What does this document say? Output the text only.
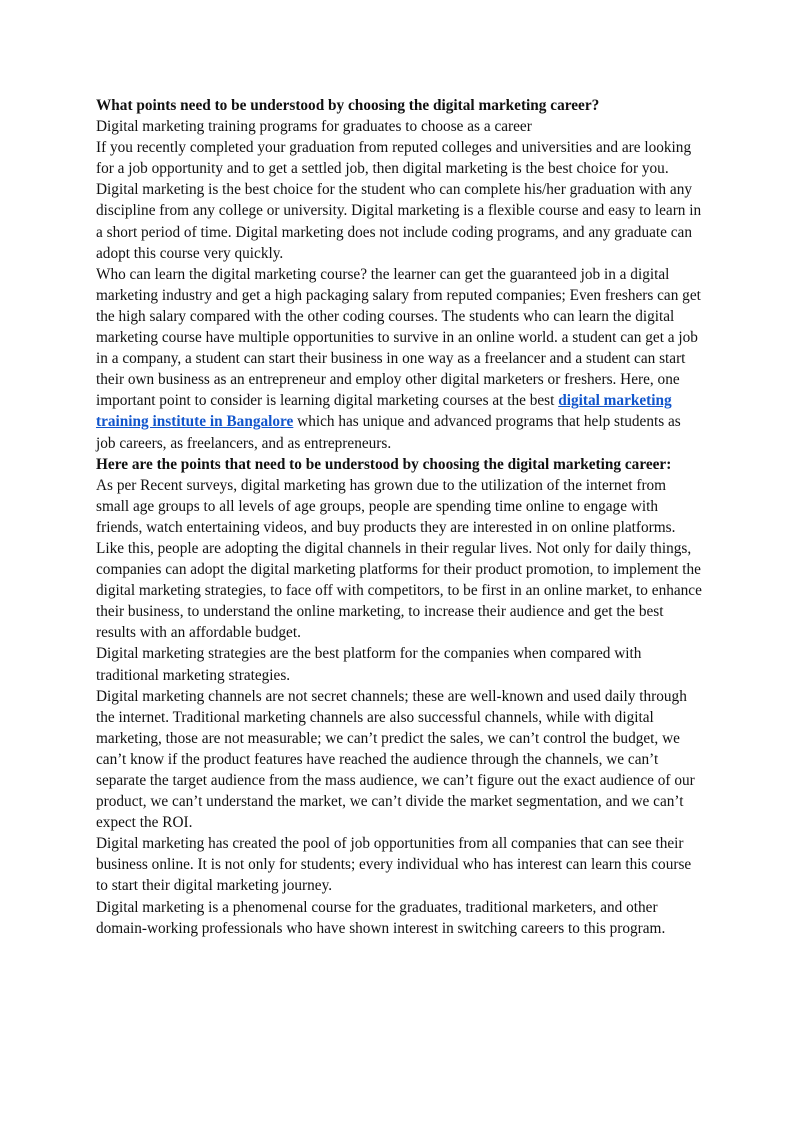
What points need to be understood by choosing the digital marketing career?

Digital marketing training programs for graduates to choose as a career

If you recently completed your graduation from reputed colleges and universities and are looking for a job opportunity and to get a settled job, then digital marketing is the best choice for you.

Digital marketing is the best choice for the student who can complete his/her graduation with any discipline from any college or university. Digital marketing is a flexible course and easy to learn in a short period of time. Digital marketing does not include coding programs, and any graduate can adopt this course very quickly.

Who can learn the digital marketing course? the learner can get the guaranteed job in a digital marketing industry and get a high packaging salary from reputed companies; Even freshers can get the high salary compared with the other coding courses. The students who can learn the digital marketing course have multiple opportunities to survive in an online world. a student can get a job in a company, a student can start their business in one way as a freelancer and a student can start their own business as an entrepreneur and employ other digital marketers or freshers. Here, one important point to consider is learning digital marketing courses at the best digital marketing training institute in Bangalore which has unique and advanced programs that help students as job careers, as freelancers, and as entrepreneurs.

Here are the points that need to be understood by choosing the digital marketing career:

As per Recent surveys, digital marketing has grown due to the utilization of the internet from small age groups to all levels of age groups, people are spending time online to engage with friends, watch entertaining videos, and buy products they are interested in on online platforms.

Like this, people are adopting the digital channels in their regular lives. Not only for daily things, companies can adopt the digital marketing platforms for their product promotion, to implement the digital marketing strategies, to face off with competitors, to be first in an online market, to enhance their business, to understand the online marketing, to increase their audience and get the best results with an affordable budget.

Digital marketing strategies are the best platform for the companies when compared with traditional marketing strategies.

Digital marketing channels are not secret channels; these are well-known and used daily through the internet. Traditional marketing channels are also successful channels, while with digital marketing, those are not measurable; we can’t predict the sales, we can’t control the budget, we can’t know if the product features have reached the audience through the channels, we can’t separate the target audience from the mass audience, we can’t figure out the exact audience of our product, we can’t understand the market, we can’t divide the market segmentation, and we can’t expect the ROI.

Digital marketing has created the pool of job opportunities from all companies that can see their business online. It is not only for students; every individual who has interest can learn this course to start their digital marketing journey.

Digital marketing is a phenomenal course for the graduates, traditional marketers, and other domain-working professionals who have shown interest in switching careers to this program.
